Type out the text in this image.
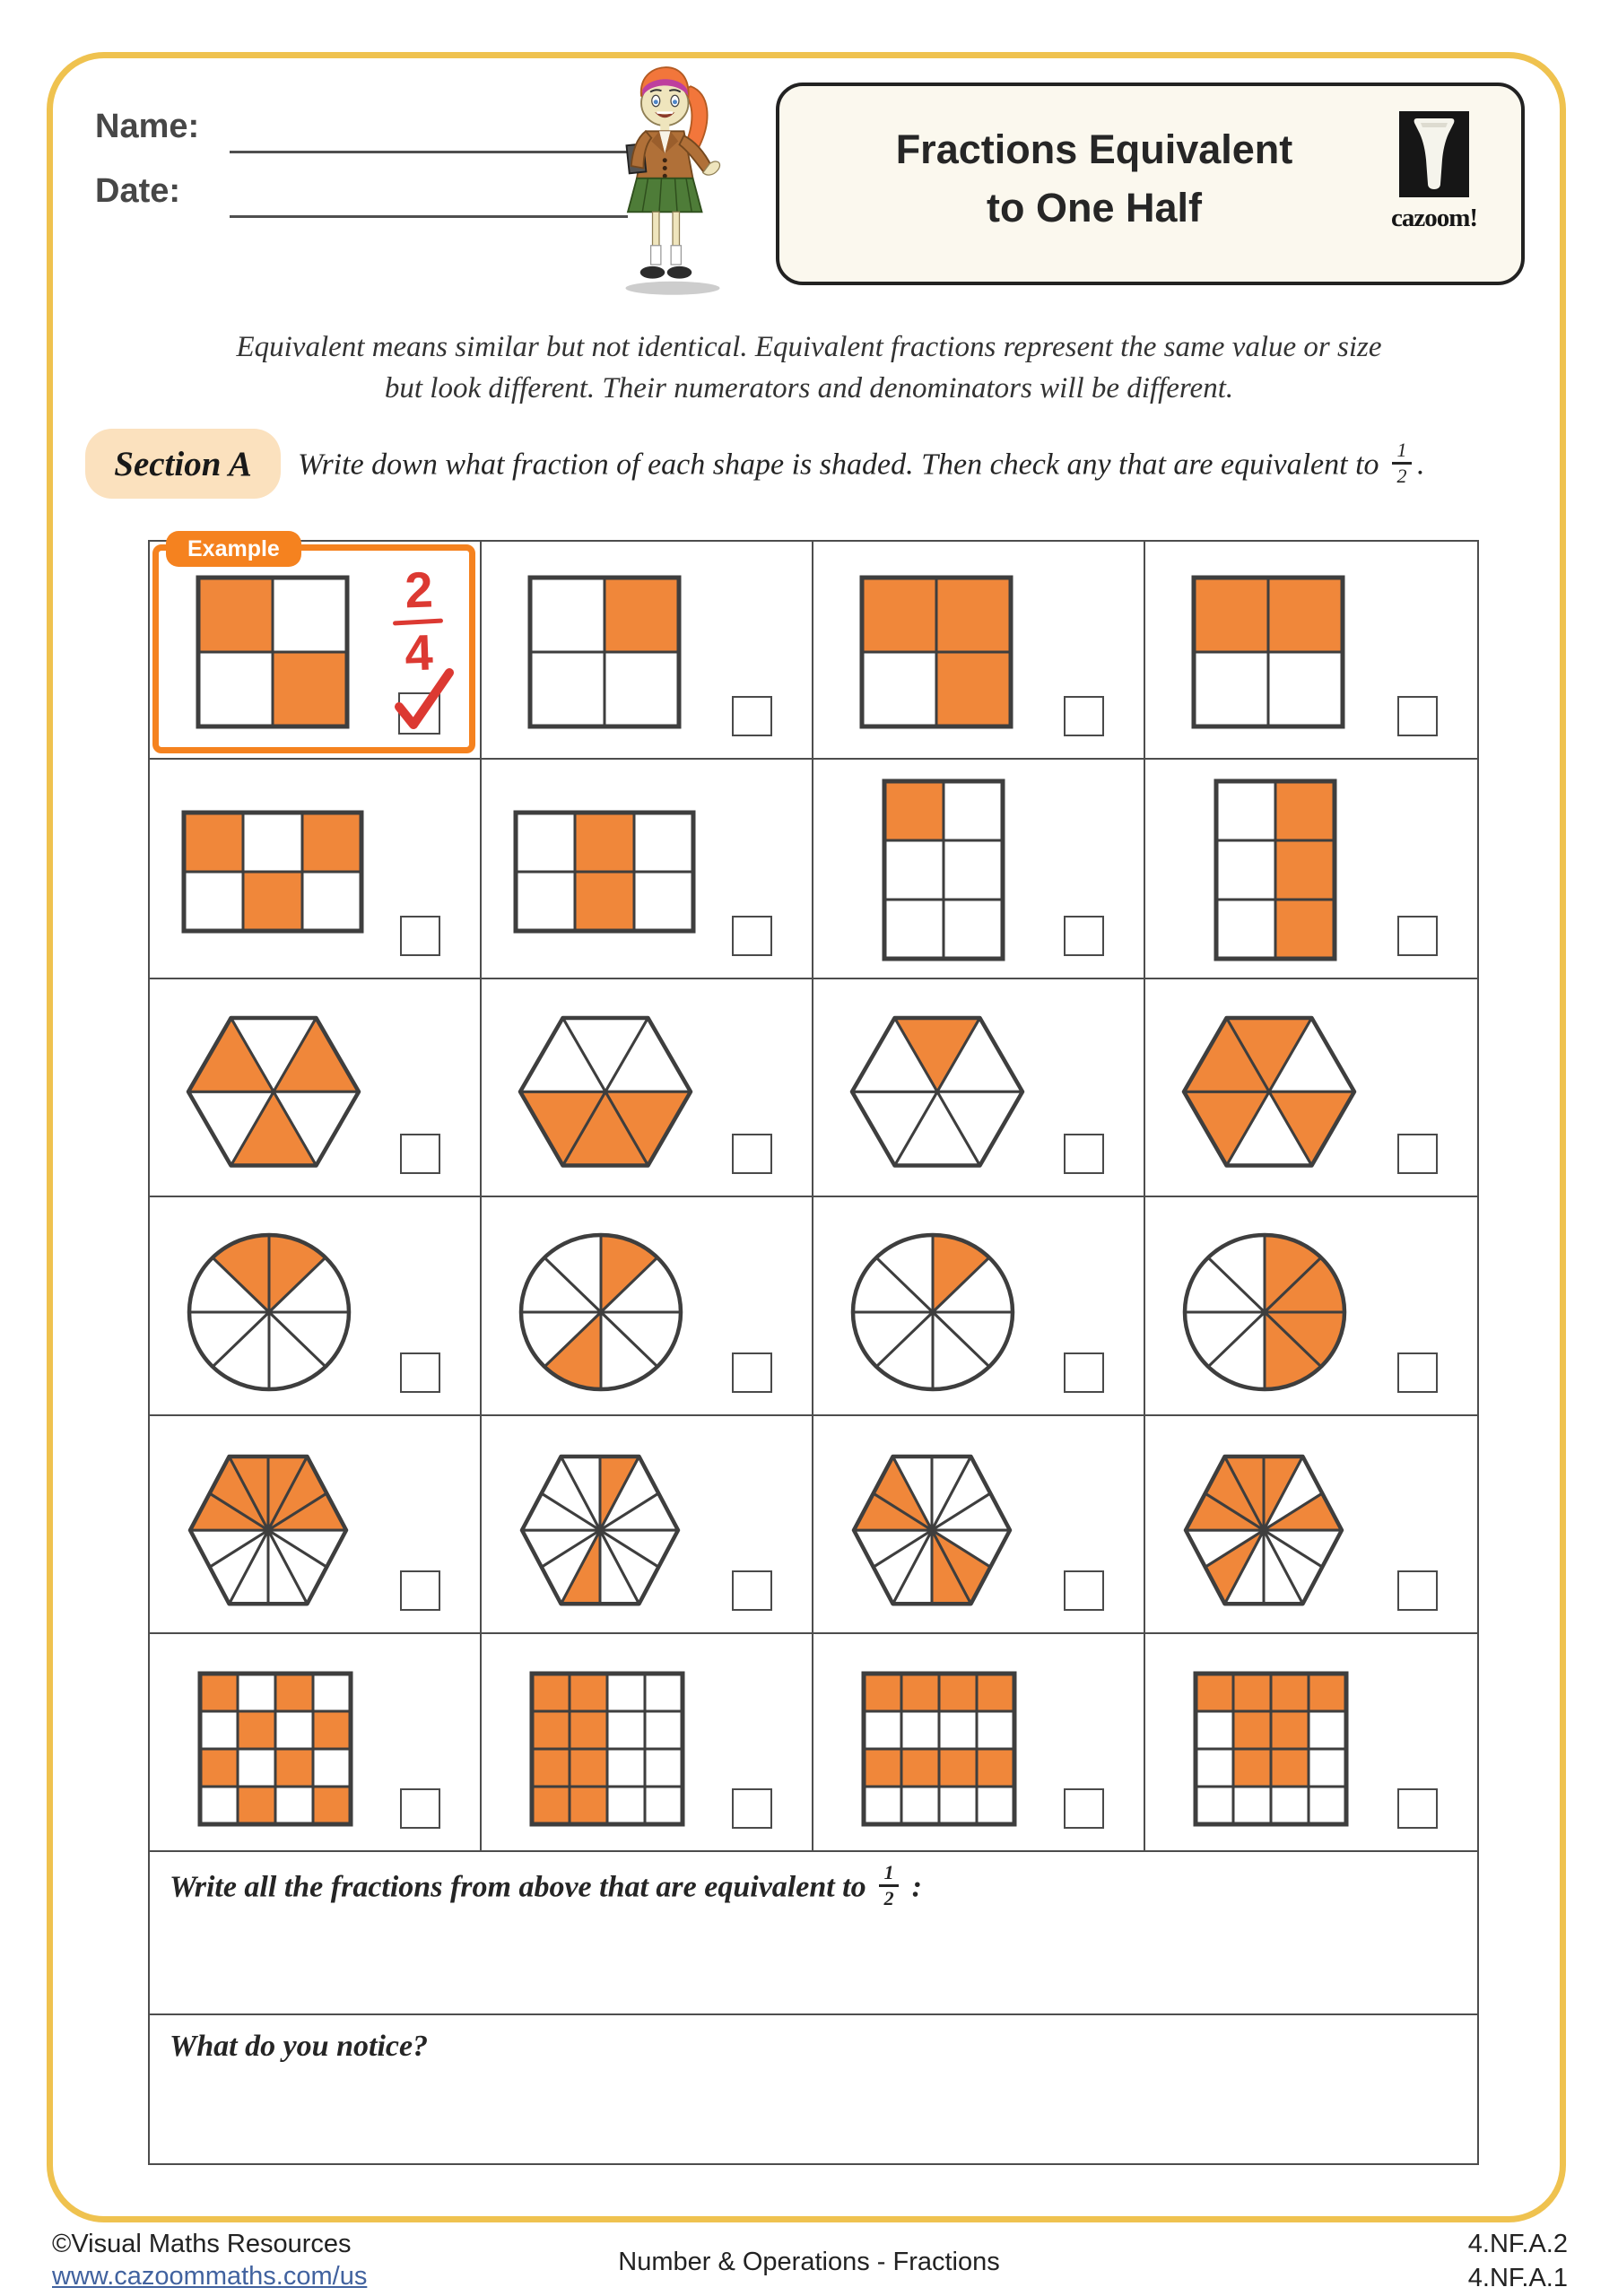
Name:
Date:
Fractions Equivalent
to One Half	cazoom!
Equivalent means similar but not identical. Equivalent fractions represent the same value or size
but look different. Their numerators and denominators will be different.
Section A Write down what fraction of each shape is shaded. Then check any that are equivalent to $\frac{1}{2}$ .
Example
2
4
Write all the fractions from above that are equivalent to $\frac{1}{2}$ :
What do you notice?
©Visual Maths Resources
www.cazoommaths.com/us	Number & Operations - Fractions
4.NF.A.2
4.NF.A.1
